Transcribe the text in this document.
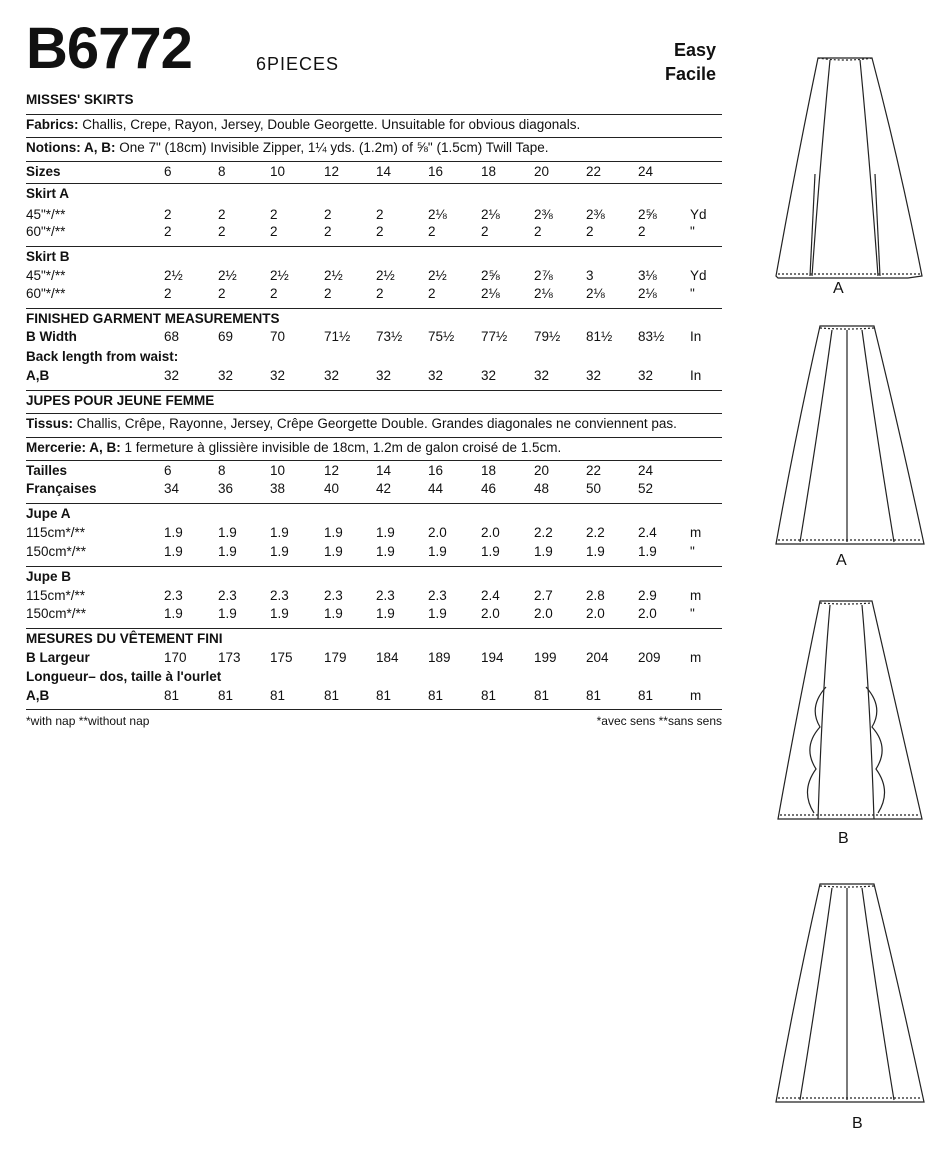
B6772	6PIECES
Easy
Facile
MISSES' SKIRTS
Fabrics: Challis, Crepe, Rayon, Jersey, Double Georgette. Unsuitable for obvious diagonals.
Notions: A, B: One 7" (18cm) Invisible Zipper, 1¼ yds. (1.2m) of ⅝" (1.5cm) Twill Tape.
Sizes	6	8	10	12	14	16	18	20	22	24
Skirt A
45"*/**	2	2	2	2	2	2⅛	2⅛	2⅜ 2⅜ 2⅝ Yd
60"*/**	2	2	2	2	2	2	2	2	2	2	"
Skirt B
45"*/**	2½	2½ 2½	2½ 2½ 2½	2⅝	2⅞ 3	3⅛ Yd
60"*/**	2	2	2	2	2	2	2⅛	2⅛ 2⅛ 2⅛ "
FINISHED GARMENT MEASUREMENTS
B Width	68	69	70	71½ 73½ 75½ 77½ 79½ 81½ 83½ In
Back length from waist:
A,B	32	32	32	32	32	32	32	32	32	32	In
JUPES POUR JEUNE FEMME
Tissus: Challis, Crêpe, Rayonne, Jersey, Crêpe Georgette Double. Grandes diagonales ne conviennent pas.
Mercerie: A, B: 1 fermeture à glissière invisible de 18cm, 1.2m de galon croisé de 1.5cm.
Tailles	6	8	10	12	14	16	18	20	22	24
Françaises	34	36	38	40	42	44	46	48	50	52
Jupe A
115cm*/**	1.9	1.9 1.9	1.9 1.9 2.0	2.0	2.2 2.2 2.4 m
150cm*/**	1.9	1.9 1.9	1.9 1.9 1.9	1.9	1.9 1.9 1.9 "
Jupe B
115cm*/**	2.3	2.3 2.3	2.3 2.3 2.3	2.4	2.7 2.8 2.9 m
150cm*/**	1.9	1.9 1.9	1.9 1.9 1.9	2.0	2.0 2.0 2.0 "
MESURES DU VÊTEMENT FINI
B Largeur	170 173 175 179 184 189 194 199 204 209 m
Longueur– dos, taille à l'ourlet
A,B	81	81	81	81	81	81	81	81	81	81	m
*with nap **without nap	*avec sens **sans sens
A
A
B
B
